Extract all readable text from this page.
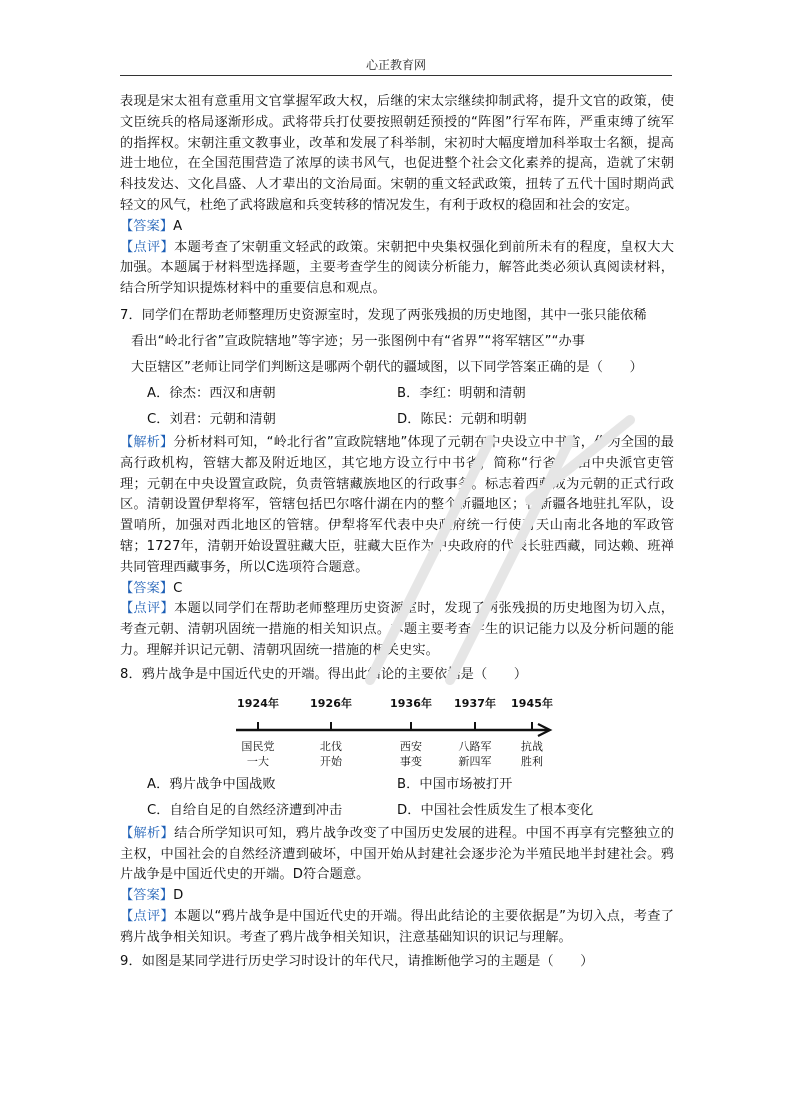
心正教育网

表现是宋太祖有意重用文官掌握军政大权，后继的宋太宗继续抑制武将，提升文官的政策，使文臣统兵的格局逐渐形成。武将带兵打仗要按照朝廷预授的“阵图”行军布阵，严重束缚了统军的指挥权。宋朝注重文教事业，改革和发展了科举制，宋初时大幅度增加科举取士名额，提高进士地位，在全国范围营造了浓厚的读书风气，也促进整个社会文化素养的提高，造就了宋朝科技发达、文化昌盛、人才辈出的文治局面。宋朝的重文轻武政策，扭转了五代十国时期尚武轻文的风气，杜绝了武将跋扈和兵变转移的情况发生，有利于政权的稳固和社会的安定。

【答案】A

【点评】本题考查了宋朝重文轻武的政策。宋朝把中央集权强化到前所未有的程度，皇权大大加强。本题属于材料型选择题，主要考查学生的阅读分析能力，解答此类必须认真阅读材料，结合所学知识提炼材料中的重要信息和观点。

7．同学们在帮助老师整理历史资源室时，发现了两张残损的历史地图，其中一张只能依稀

看出“岭北行省”宣政院辖地”等字迹；另一张图例中有“省界”“将军辖区”“办事

大臣辖区”老师让同学们判断这是哪两个朝代的疆域图，以下同学答案正确的是（　　）

A．徐杰：西汉和唐朝	B．李红：明朝和清朝
C．刘君：元朝和清朝	D．陈民：元朝和明朝

【解析】分析材料可知，“岭北行省”宣政院辖地”体现了元朝在中央设立中书省，作为全国的最高行政机构，管辖大都及附近地区，其它地方设立行中书省，简称“行省”，由中央派官吏管理；元朝在中央设置宣政院，负责管辖藏族地区的行政事务。标志着西藏成为元朝的正式行政区。清朝设置伊犁将军，管辖包括巴尔喀什湖在内的整个新疆地区；在新疆各地驻扎军队，设置哨所，加强对西北地区的管辖。伊犁将军代表中央政府统一行使对天山南北各地的军政管辖；1727年，清朝开始设置驻藏大臣，驻藏大臣作为中央政府的代表长驻西藏，同达赖、班禅共同管理西藏事务，所以C选项符合题意。

【答案】C

【点评】本题以同学们在帮助老师整理历史资源室时，发现了两张残损的历史地图为切入点，考查元朝、清朝巩固统一措施的相关知识点。本题主要考查学生的识记能力以及分析问题的能力。理解并识记元朝、清朝巩固统一措施的相关史实。

8．鸦片战争是中国近代史的开端。得出此结论的主要依据是（　　）

1924年
国民党
一大
1926年
北伐
开始
1936年
西安
事变
1937年
八路军
新四军
1945年
抗战
胜利
A．鸦片战争中国战败	B．中国市场被打开
C．自给自足的自然经济遭到冲击	D．中国社会性质发生了根本变化

【解析】结合所学知识可知，鸦片战争改变了中国历史发展的进程。中国不再享有完整独立的主权，中国社会的自然经济遭到破坏，中国开始从封建社会逐步沦为半殖民地半封建社会。鸦片战争是中国近代史的开端。D符合题意。

【答案】D

【点评】本题以“鸦片战争是中国近代史的开端。得出此结论的主要依据是”为切入点，考查了鸦片战争相关知识。考查了鸦片战争相关知识，注意基础知识的识记与理解。

9．如图是某同学进行历史学习时设计的年代尺，请推断他学习的主题是（　　）
